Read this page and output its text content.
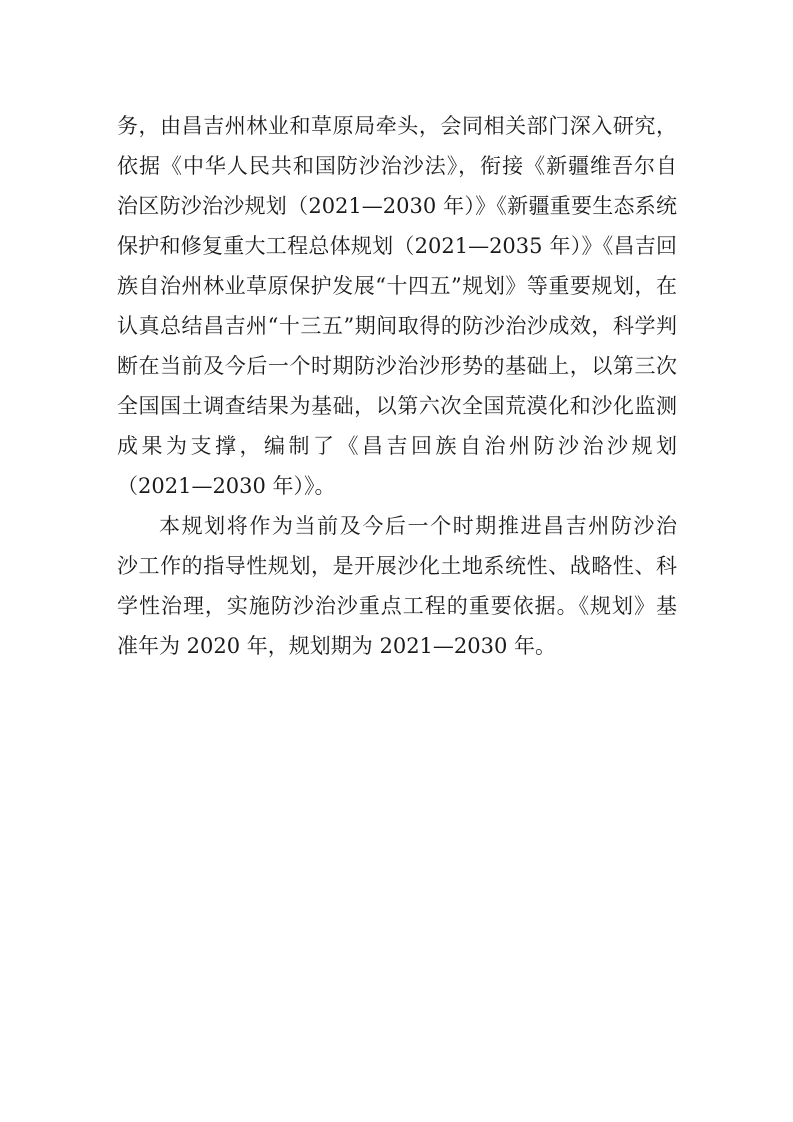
务，由昌吉州林业和草原局牵头，会同相关部门深入研究，
依据《中华人民共和国防沙治沙法》，衔接《新疆维吾尔自
治区防沙治沙规划（2021—2030 年）》《新疆重要生态系统
保护和修复重大工程总体规划（2021—2035 年）》《昌吉回
族自治州林业草原保护发展“十四五”规划》等重要规划，在
认真总结昌吉州“十三五”期间取得的防沙治沙成效，科学判
断在当前及今后一个时期防沙治沙形势的基础上，以第三次
全国国土调查结果为基础，以第六次全国荒漠化和沙化监测
成果为支撑，编制了《昌吉回族自治州防沙治沙规划
（2021—2030 年）》。
本规划将作为当前及今后一个时期推进昌吉州防沙治
沙工作的指导性规划，是开展沙化土地系统性、战略性、科
学性治理，实施防沙治沙重点工程的重要依据。《规划》基
准年为 2020 年，规划期为 2021—2030 年。
